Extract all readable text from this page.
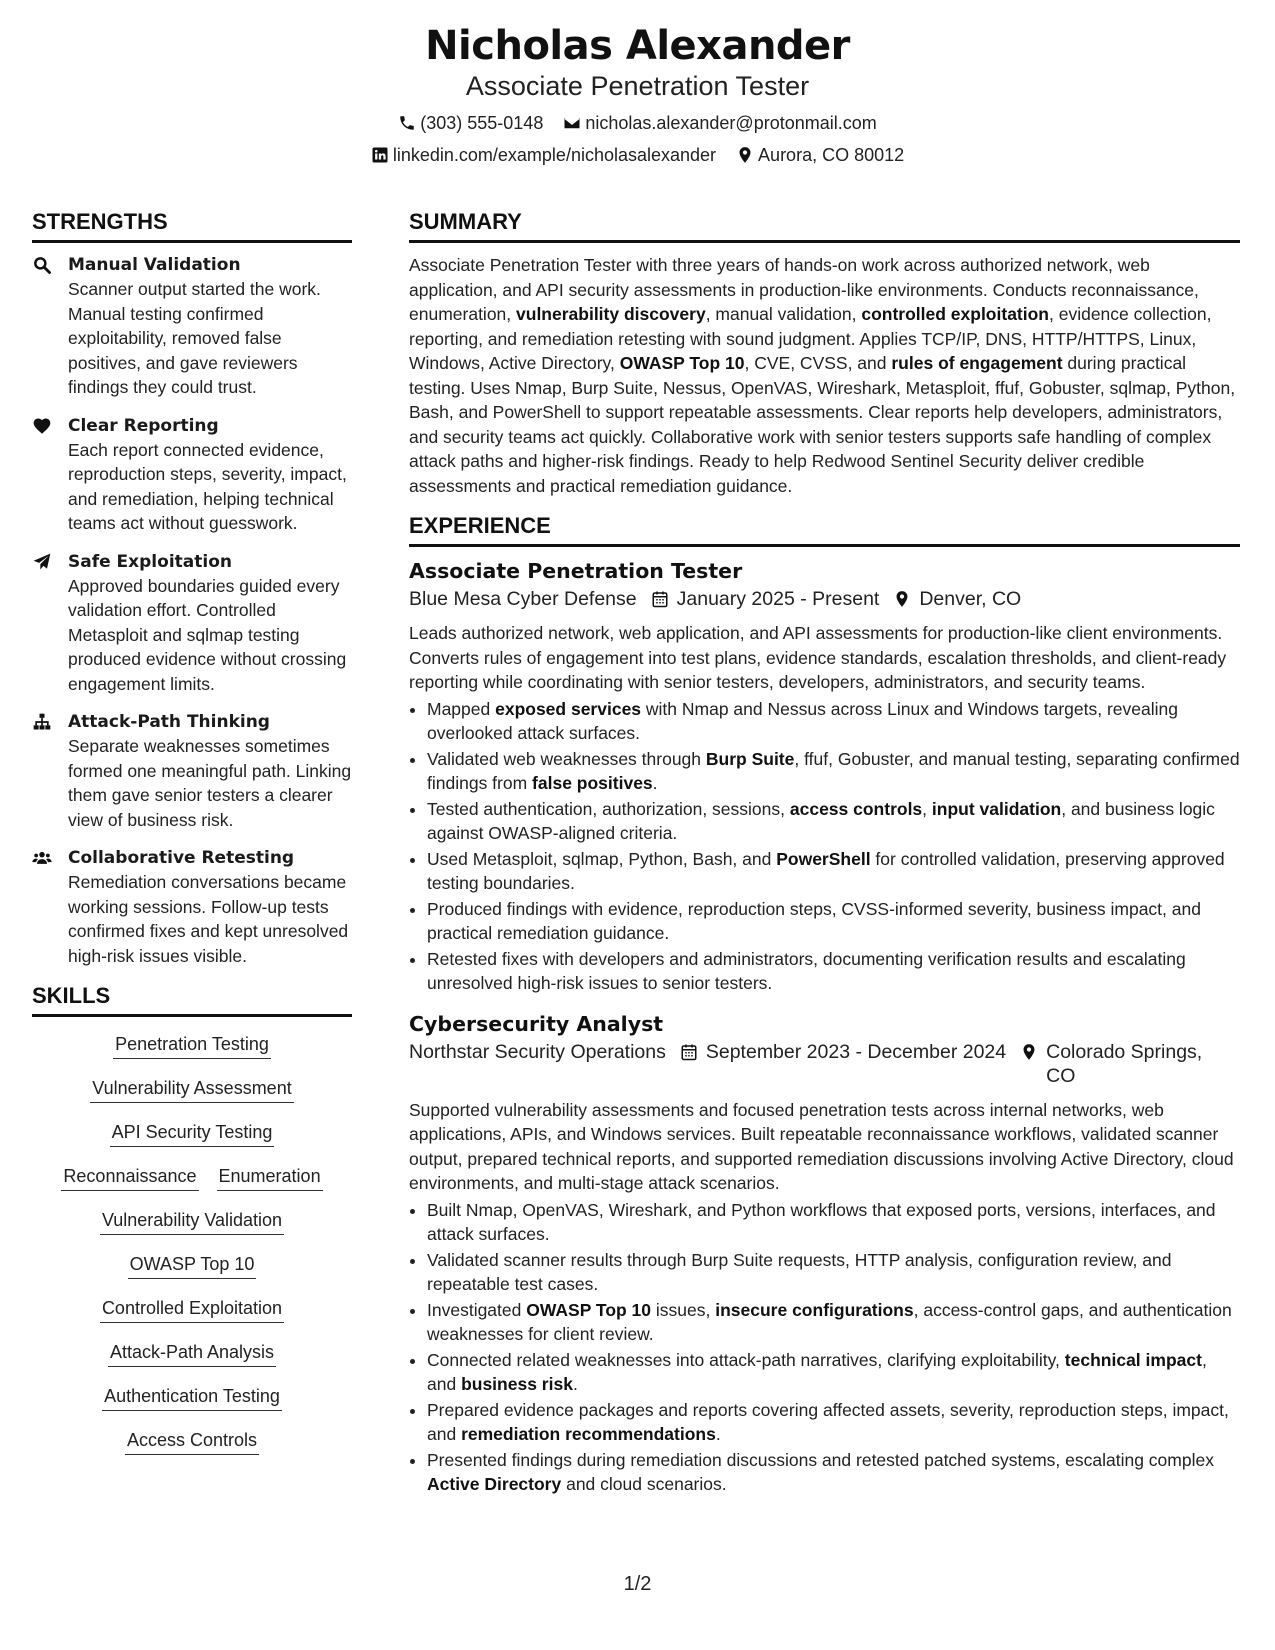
Nicholas Alexander
Associate Penetration Tester
(303) 555-0148 nicholas.alexander@protonmail.com
linkedin.com/example/nicholasalexander Aurora, CO 80012
STRENGTHS
Manual Validation
Scanner output started the work. Manual testing confirmed exploitability, removed false positives, and gave reviewers findings they could trust.
Clear Reporting
Each report connected evidence, reproduction steps, severity, impact, and remediation, helping technical teams act without guesswork.
Safe Exploitation
Approved boundaries guided every validation effort. Controlled Metasploit and sqlmap testing produced evidence without crossing engagement limits.
Attack-Path Thinking
Separate weaknesses sometimes formed one meaningful path. Linking them gave senior testers a clearer view of business risk.
Collaborative Retesting
Remediation conversations became working sessions. Follow-up tests confirmed fixes and kept unresolved high-risk issues visible.
SKILLS
Penetration Testing
Vulnerability Assessment
API Security Testing
Reconnaissance Enumeration
Vulnerability Validation
OWASP Top 10
Controlled Exploitation
Attack-Path Analysis
Authentication Testing
Access Controls
SUMMARY
Associate Penetration Tester with three years of hands-on work across authorized network, web application, and API security assessments in production-like environments. Conducts reconnaissance, enumeration, vulnerability discovery, manual validation, controlled exploitation, evidence collection, reporting, and remediation retesting with sound judgment. Applies TCP/IP, DNS, HTTP/HTTPS, Linux, Windows, Active Directory, OWASP Top 10, CVE, CVSS, and rules of engagement during practical testing. Uses Nmap, Burp Suite, Nessus, OpenVAS, Wireshark, Metasploit, ffuf, Gobuster, sqlmap, Python, Bash, and PowerShell to support repeatable assessments. Clear reports help developers, administrators, and security teams act quickly. Collaborative work with senior testers supports safe handling of complex attack paths and higher-risk findings. Ready to help Redwood Sentinel Security deliver credible assessments and practical remediation guidance.
EXPERIENCE
Associate Penetration Tester
Blue Mesa Cyber Defense January 2025 - Present Denver, CO
Leads authorized network, web application, and API assessments for production-like client environments. Converts rules of engagement into test plans, evidence standards, escalation thresholds, and client-ready reporting while coordinating with senior testers, developers, administrators, and security teams.
• Mapped exposed services with Nmap and Nessus across Linux and Windows targets, revealing overlooked attack surfaces.
• Validated web weaknesses through Burp Suite, ffuf, Gobuster, and manual testing, separating confirmed findings from false positives.
• Tested authentication, authorization, sessions, access controls, input validation, and business logic against OWASP-aligned criteria.
• Used Metasploit, sqlmap, Python, Bash, and PowerShell for controlled validation, preserving approved testing boundaries.
• Produced findings with evidence, reproduction steps, CVSS-informed severity, business impact, and practical remediation guidance.
• Retested fixes with developers and administrators, documenting verification results and escalating unresolved high-risk issues to senior testers.
Cybersecurity Analyst
Northstar Security Operations September 2023 - December 2024 Colorado Springs, CO
Supported vulnerability assessments and focused penetration tests across internal networks, web applications, APIs, and Windows services. Built repeatable reconnaissance workflows, validated scanner output, prepared technical reports, and supported remediation discussions involving Active Directory, cloud environments, and multi-stage attack scenarios.
• Built Nmap, OpenVAS, Wireshark, and Python workflows that exposed ports, versions, interfaces, and attack surfaces.
• Validated scanner results through Burp Suite requests, HTTP analysis, configuration review, and repeatable test cases.
• Investigated OWASP Top 10 issues, insecure configurations, access-control gaps, and authentication weaknesses for client review.
• Connected related weaknesses into attack-path narratives, clarifying exploitability, technical impact, and business risk.
• Prepared evidence packages and reports covering affected assets, severity, reproduction steps, impact, and remediation recommendations.
• Presented findings during remediation discussions and retested patched systems, escalating complex Active Directory and cloud scenarios.
1/2
